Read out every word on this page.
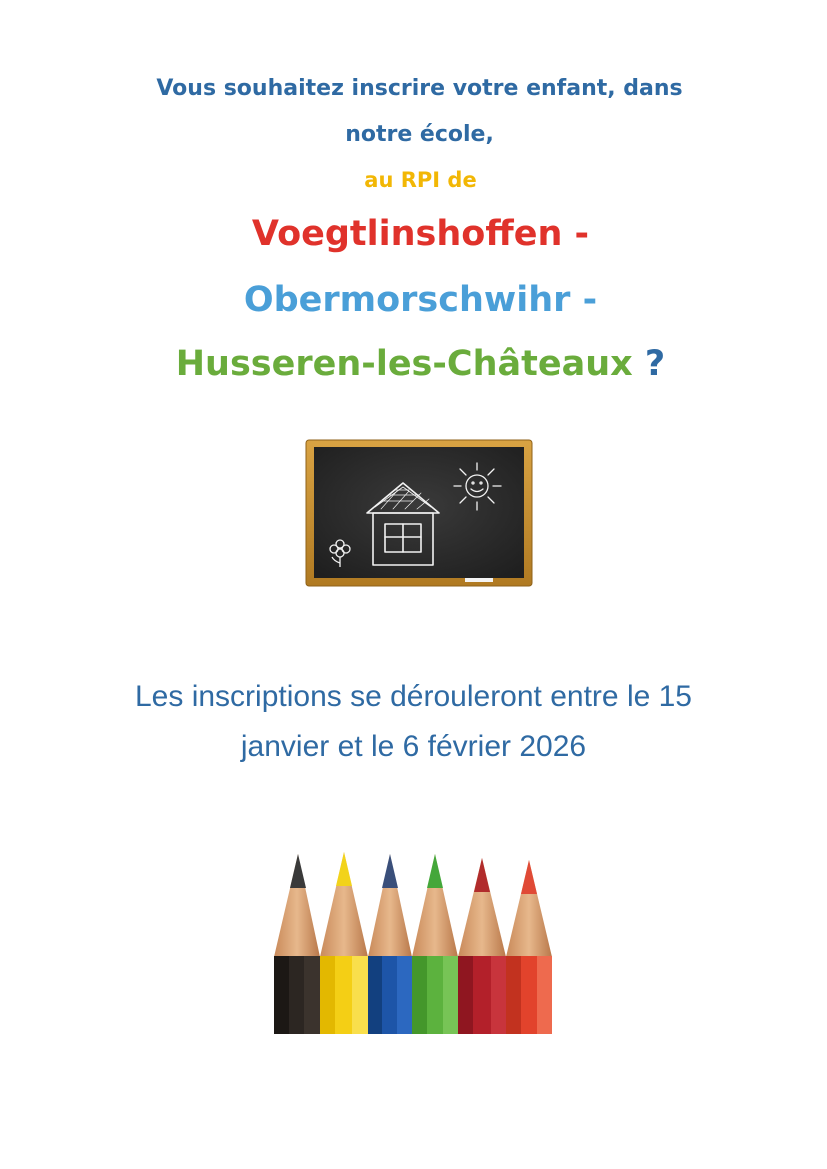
Vous souhaitez inscrire votre enfant, dans

notre école,

au RPI de

Voegtlinshoffen -

Obermorschwihr -

Husseren-les-Châteaux ?

Les inscriptions se dérouleront entre le 15

janvier et le 6 février 2026
